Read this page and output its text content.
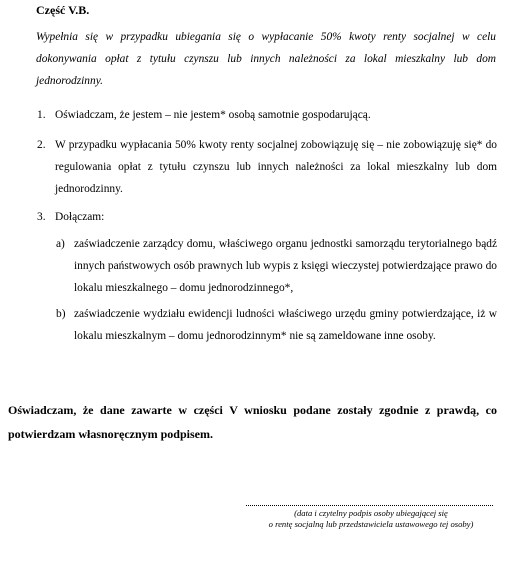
Część V.B.
Wypełnia się w przypadku ubiegania się o wypłacanie 50% kwoty renty socjalnej w celu dokonywania opłat z tytułu czynszu lub innych należności za lokal mieszkalny lub dom jednorodzinny.
1. Oświadczam, że jestem – nie jestem* osobą samotnie gospodarującą.
2. W przypadku wypłacania 50% kwoty renty socjalnej zobowiązuję się – nie zobowiązuję się* do regulowania opłat z tytułu czynszu lub innych należności za lokal mieszkalny lub dom jednorodzinny.
3. Dołączam:
a) zaświadczenie zarządcy domu, właściwego organu jednostki samorządu terytorialnego bądź innych państwowych osób prawnych lub wypis z księgi wieczystej potwierdzające prawo do lokalu mieszkalnego – domu jednorodzinnego*,
b) zaświadczenie wydziału ewidencji ludności właściwego urzędu gminy potwierdzające, iż w lokalu mieszkalnym – domu jednorodzinnym* nie są zameldowane inne osoby.
Oświadczam, że dane zawarte w części V wniosku podane zostały zgodnie z prawdą, co potwierdzam własnoręcznym podpisem.
(data i czytelny podpis osoby ubiegającej się
o rentę socjalną lub przedstawiciela ustawowego tej osoby)
